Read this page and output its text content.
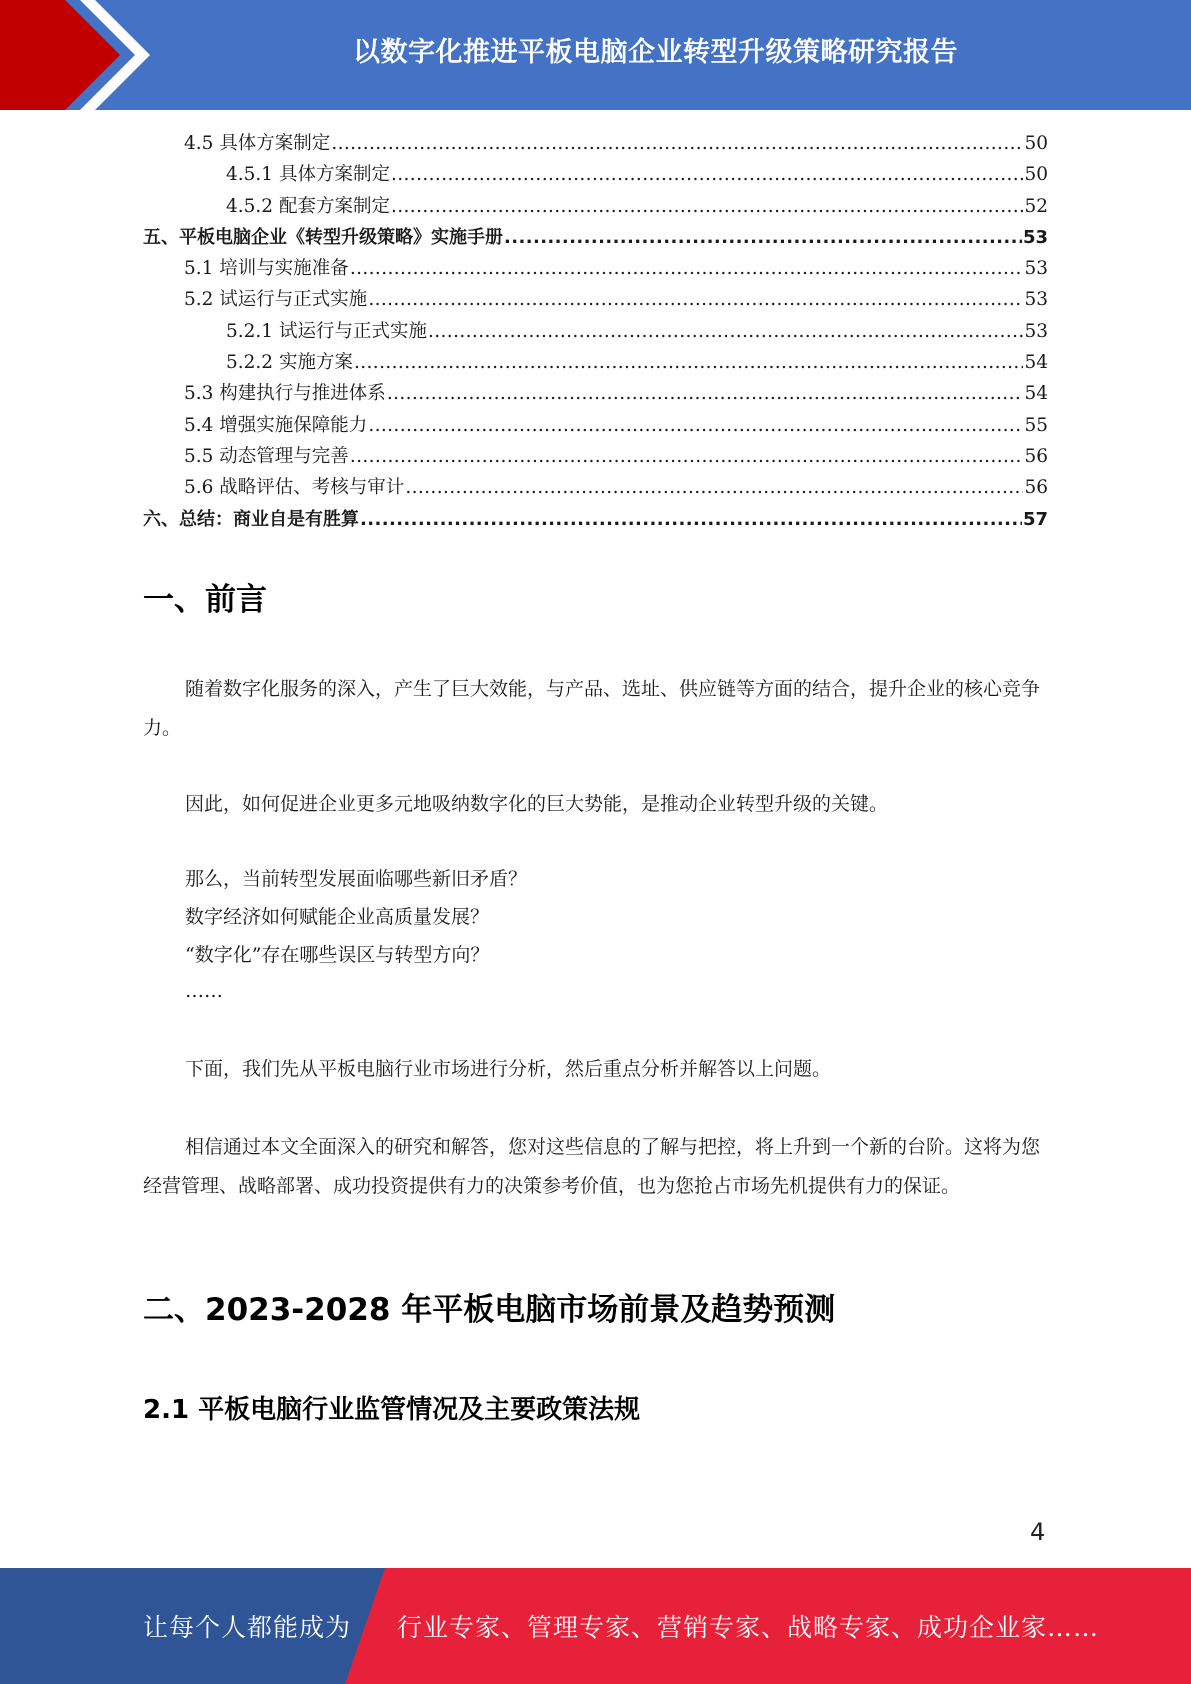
以数字化推进平板电脑企业转型升级策略研究报告
4.5 具体方案制定 .....	50
4.5.1 具体方案制定 .....	50
4.5.2 配套方案制定 .....	52
五、平板电脑企业《转型升级策略》实施手册 .....	53
5.1 培训与实施准备 .....	53
5.2 试运行与正式实施 .....	53
5.2.1 试运行与正式实施 .....	53
5.2.2 实施方案 .....	54
5.3 构建执行与推进体系 .....	54
5.4 增强实施保障能力 .....	55
5.5 动态管理与完善 .....	56
5.6 战略评估、考核与审计 .....	56
六、总结：商业自是有胜算 .....	57
一、前言

随着数字化服务的深入，产生了巨大效能，与产品、选址、供应链等方面的结合，提升企业的核心竞争力。

因此，如何促进企业更多元地吸纳数字化的巨大势能，是推动企业转型升级的关键。

那么，当前转型发展面临哪些新旧矛盾？
数字经济如何赋能企业高质量发展？
“数字化”存在哪些误区与转型方向？
……

下面，我们先从平板电脑行业市场进行分析，然后重点分析并解答以上问题。

相信通过本文全面深入的研究和解答，您对这些信息的了解与把控，将上升到一个新的台阶。这将为您经营管理、战略部署、成功投资提供有力的决策参考价值，也为您抢占市场先机提供有力的保证。

二、2023-2028 年平板电脑市场前景及趋势预测
2.1 平板电脑行业监管情况及主要政策法规
4
让每个人都能成为 行业专家、管理专家、营销专家、战略专家、成功企业家……
